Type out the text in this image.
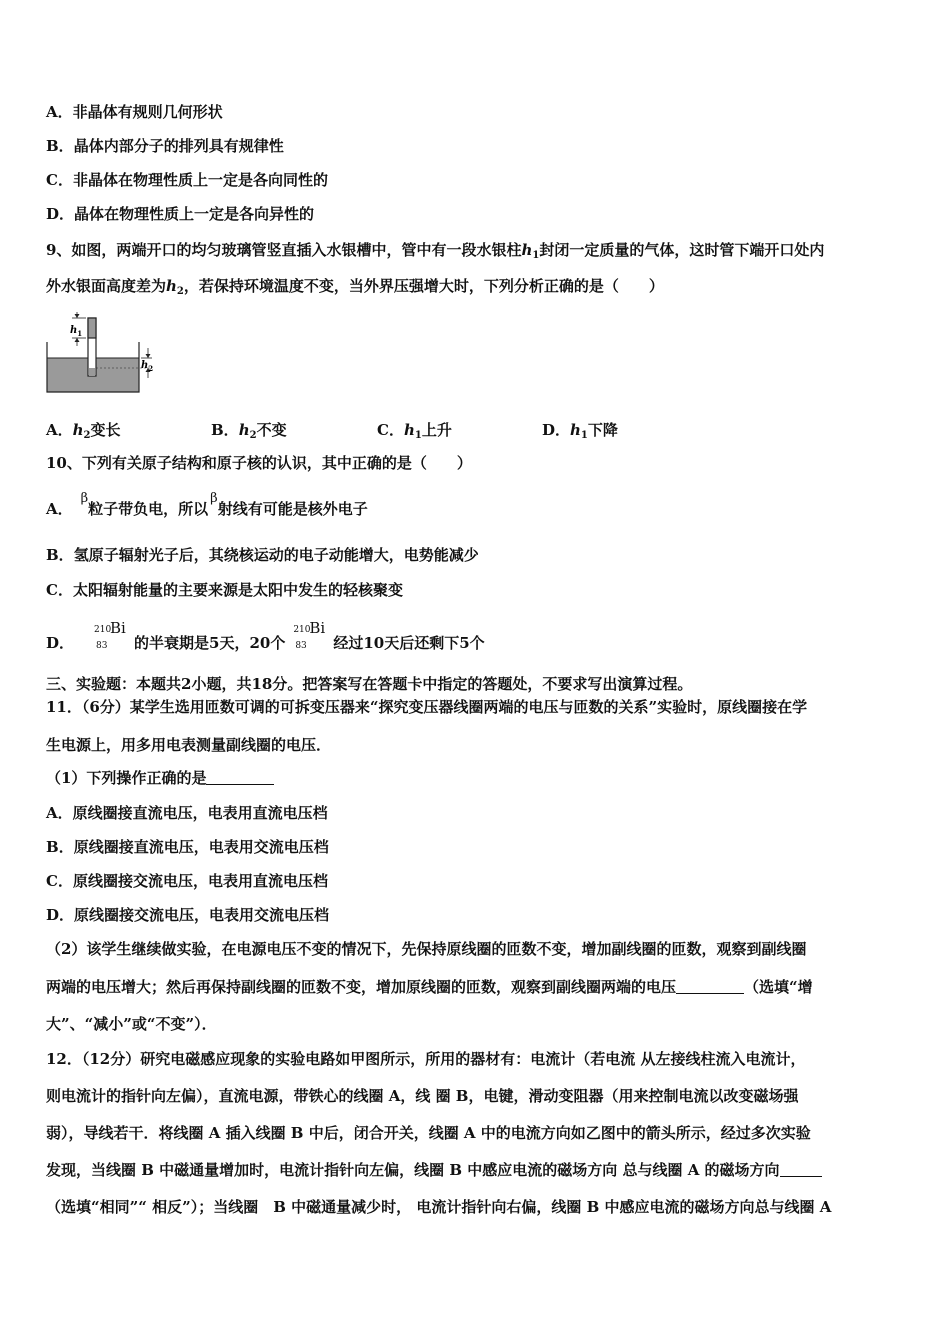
A．非晶体有规则几何形状
B．晶体内部分子的排列具有规律性
C．非晶体在物理性质上一定是各向同性的
D．晶体在物理性质上一定是各向异性的
9、如图，两端开口的均匀玻璃管竖直插入水银槽中，管中有一段水银柱$h_1$封闭一定质量的气体，这时管下端开口处内
外水银面高度差为$h_2$，若保持环境温度不变，当外界压强增大时，下列分析正确的是（　　）
$h_1$
$h_2$
A．$h_2$变长	B．$h_2$不变	C．$h_1$上升	D．$h_1$下降
10、下列有关原子结构和原子核的认识，其中正确的是（　　）
A．β粒子带负电，所以β射线有可能是核外电子
B．氢原子辐射光子后，其绕核运动的电子动能增大，电势能减少
C．太阳辐射能量的主要来源是太阳中发生的轻核聚变
D．
210
83
Bi
的半衰期是5天，20个
210
83
Bi
经过10天后还剩下5个
三、实验题：本题共2小题，共18分。把答案写在答题卡中指定的答题处，不要求写出演算过程。
11．（6分）某学生选用匝数可调的可拆变压器来“探究变压器线圈两端的电压与匝数的关系”实验时，原线圈接在学
生电源上，用多用电表测量副线圈的电压．
（1）下列操作正确的是
A．原线圈接直流电压，电表用直流电压档
B．原线圈接直流电压，电表用交流电压档
C．原线圈接交流电压，电表用直流电压档
D．原线圈接交流电压，电表用交流电压档
（2）该学生继续做实验，在电源电压不变的情况下，先保持原线圈的匝数不变，增加副线圈的匝数，观察到副线圈
两端的电压增大；然后再保持副线圈的匝数不变，增加原线圈的匝数，观察到副线圈两端的电压	（选填“增
大”、“减小”或“不变”）．
12．（12分）研究电磁感应现象的实验电路如甲图所示，所用的器材有：电流计（若电流 从左接线柱流入电流计，
则电流计的指针向左偏），直流电源，带铁心的线圈 A，线 圈 B，电键，滑动变阻器（用来控制电流以改变磁场强
弱），导线若干．将线圈 A 插入线圈 B 中后，闭合开关，线圈 A 中的电流方向如乙图中的箭头所示，经过多次实验
发现，当线圈 B 中磁通量增加时，电流计指针向左偏，线圈 B 中感应电流的磁场方向 总与线圈 A 的磁场方向
（选填“相同”“ 相反”）；当线圈　B 中磁通量减少时， 电流计指针向右偏，线圈 B 中感应电流的磁场方向总与线圈 A
